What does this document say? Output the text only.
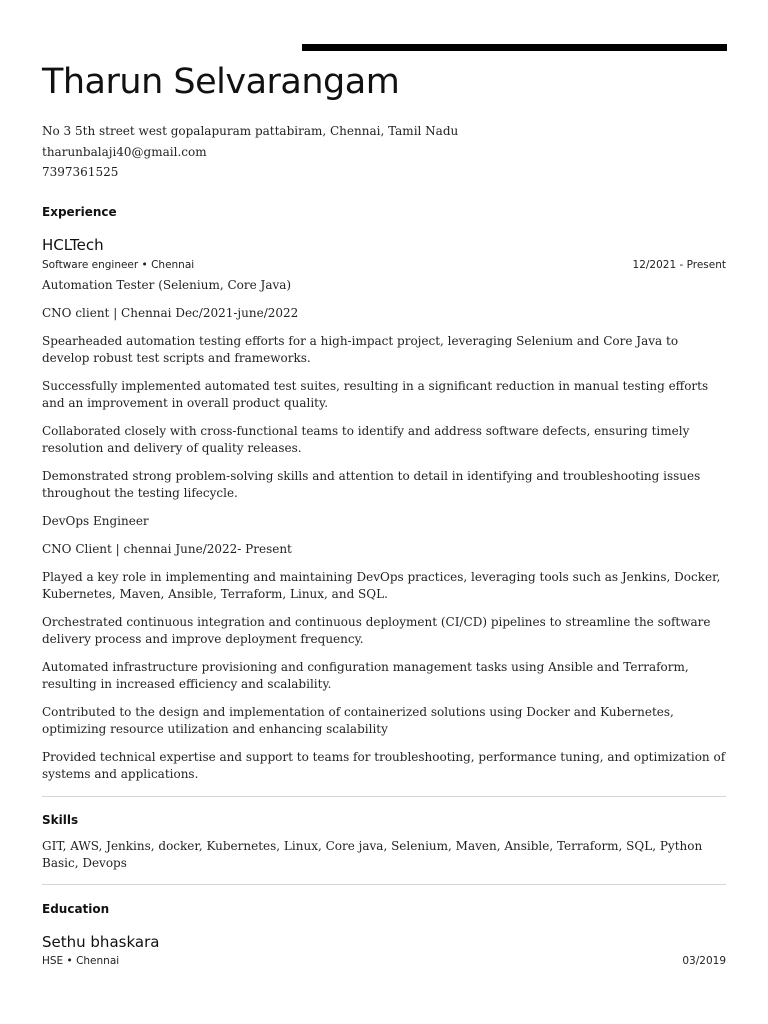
Tharun Selvarangam
No 3 5th street west gopalapuram pattabiram, Chennai, Tamil Nadu
tharunbalaji40@gmail.com
7397361525
Experience
HCLTech
Software engineer • Chennai	12/2021 - Present

Automation Tester (Selenium, Core Java)

CNO client | Chennai Dec/2021-june/2022

Spearheaded automation testing efforts for a high-impact project, leveraging Selenium and Core Java to develop robust test scripts and frameworks.

Successfully implemented automated test suites, resulting in a significant reduction in manual testing efforts and an improvement in overall product quality.

Collaborated closely with cross-functional teams to identify and address software defects, ensuring timely resolution and delivery of quality releases.

Demonstrated strong problem-solving skills and attention to detail in identifying and troubleshooting issues throughout the testing lifecycle.

DevOps Engineer

CNO Client | chennai June/2022- Present

Played a key role in implementing and maintaining DevOps practices, leveraging tools such as Jenkins, Docker, Kubernetes, Maven, Ansible, Terraform, Linux, and SQL.

Orchestrated continuous integration and continuous deployment (CI/CD) pipelines to streamline the software delivery process and improve deployment frequency.

Automated infrastructure provisioning and configuration management tasks using Ansible and Terraform, resulting in increased efficiency and scalability.

Contributed to the design and implementation of containerized solutions using Docker and Kubernetes, optimizing resource utilization and enhancing scalability

Provided technical expertise and support to teams for troubleshooting, performance tuning, and optimization of systems and applications.

Skills
GIT, AWS, Jenkins, docker, Kubernetes, Linux, Core java, Selenium, Maven, Ansible, Terraform, SQL, Python Basic, Devops
Education
Sethu bhaskara
HSE • Chennai	03/2019
